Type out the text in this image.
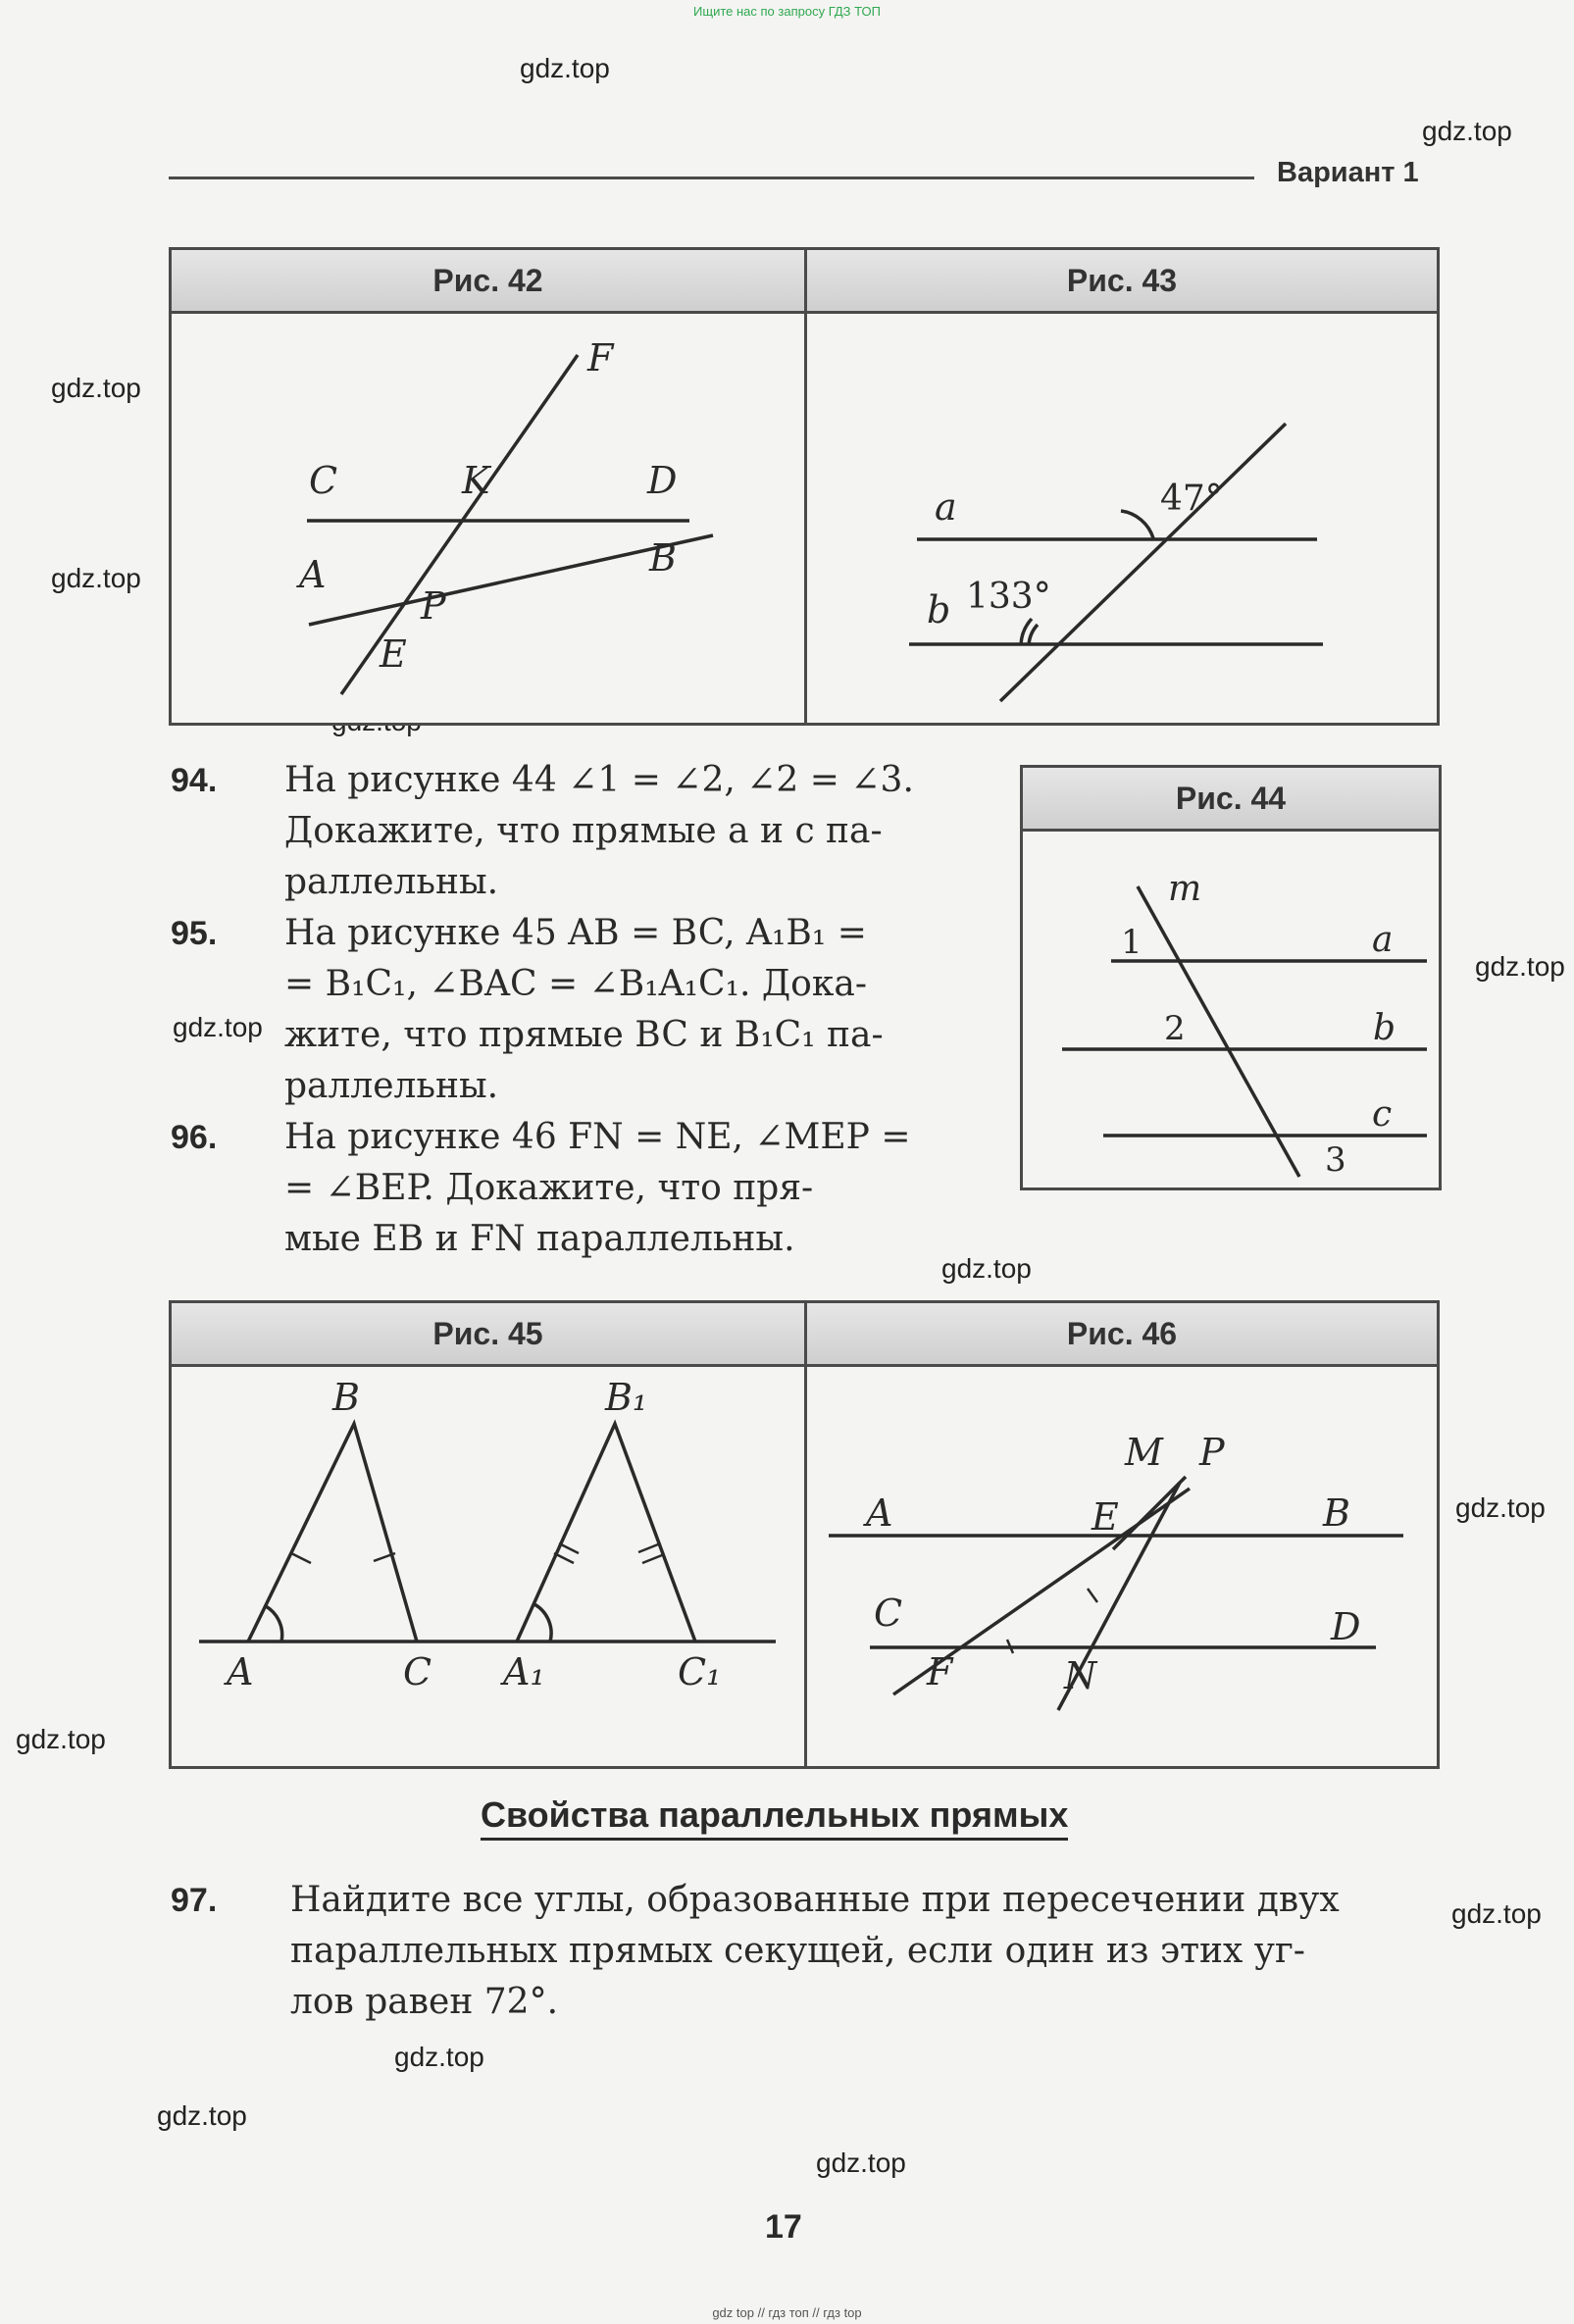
Ищите нас по запросу ГДЗ ТОП
gdz top // гдз топ // гдз top
gdz.top
gdz.top
gdz.top
gdz.top
gdz.top
gdz.top
gdz.top
gdz.top
gdz.top
gdz.top
gdz.top
gdz.top
gdz.top
Вариант 1
Рис. 42	Рис. 43
F
C	K	D
A	B
P
E
a
b
47°
133°
94. На рисунке 44 ∠1 = ∠2, ∠2 = ∠3.
Докажите, что прямые a и c па-
раллельны.
95. На рисунке 45 AB = BC, A₁B₁ =
= B₁C₁, ∠BAC = ∠B₁A₁C₁. Дока-
жите, что прямые BC и B₁C₁ па-
раллельны.
96. На рисунке 46 FN = NE, ∠MEP =
= ∠BEP. Докажите, что пря-
мые EB и FN параллельны.
Рис. 44
m
a
b
c
1
2
3
Рис. 45	Рис. 46
B
A	C A₁
B₁
C₁
M P
A	E	B
C	D
F	N
Свойства параллельных прямых
97. Найдите все углы, образованные при пересечении двух
параллельных прямых секущей, если один из этих уг-
лов равен 72°.
17
